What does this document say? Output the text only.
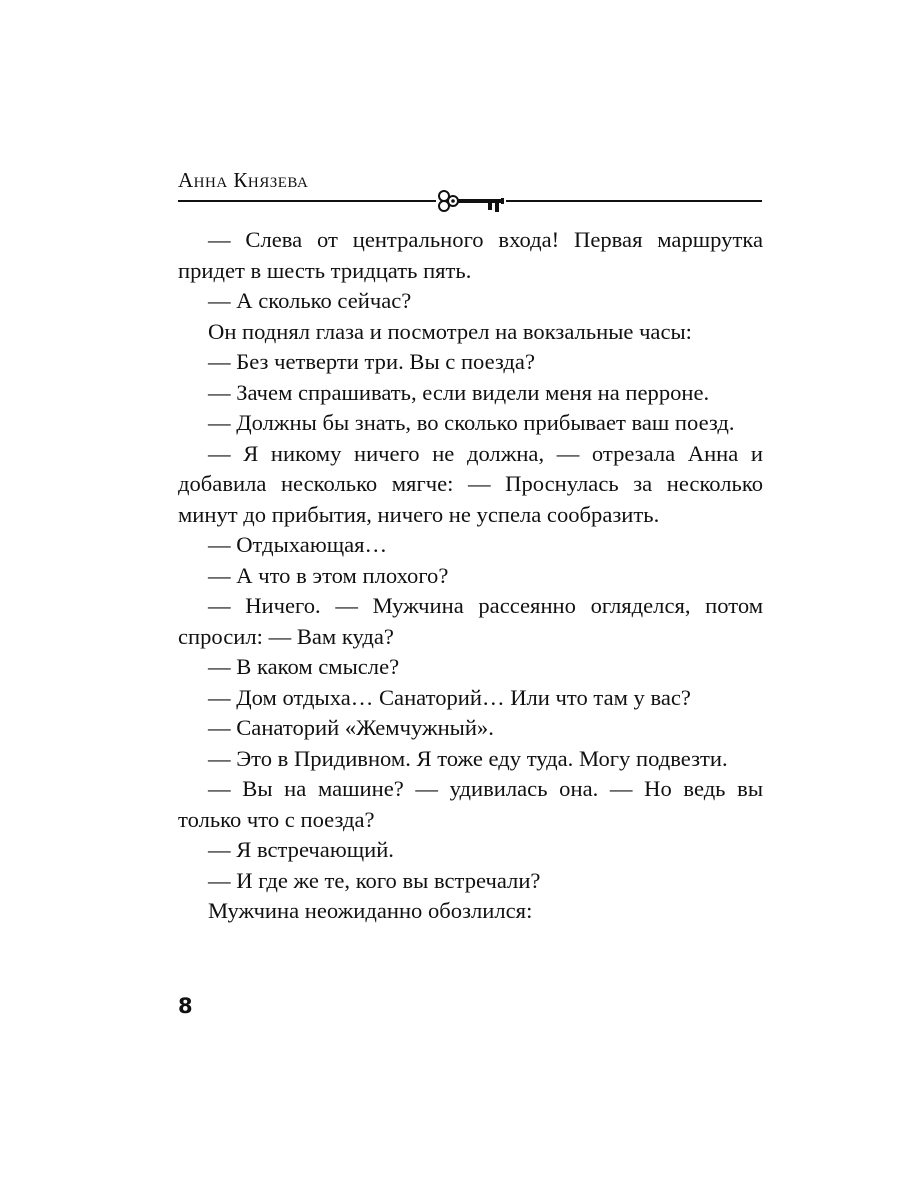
Анна Князева

— Слева от центрального входа! Первая маршрутка придет в шесть тридцать пять.

— А сколько сейчас?

Он поднял глаза и посмотрел на вокзальные часы:

— Без четверти три. Вы с поезда?

— Зачем спрашивать, если видели меня на перроне.

— Должны бы знать, во сколько прибывает ваш поезд.

— Я никому ничего не должна, — отрезала Анна и добавила несколько мягче: — Проснулась за несколько минут до прибытия, ничего не успела сообразить.

— Отдыхающая…

— А что в этом плохого?

— Ничего. — Мужчина рассеянно огляделся, потом спросил: — Вам куда?

— В каком смысле?

— Дом отдыха… Санаторий… Или что там у вас?

— Санаторий «Жемчужный».

— Это в Придивном. Я тоже еду туда. Могу подвезти.

— Вы на машине? — удивилась она. — Но ведь вы только что с поезда?

— Я встречающий.

— И где же те, кого вы встречали?

Мужчина неожиданно обозлился:

8
